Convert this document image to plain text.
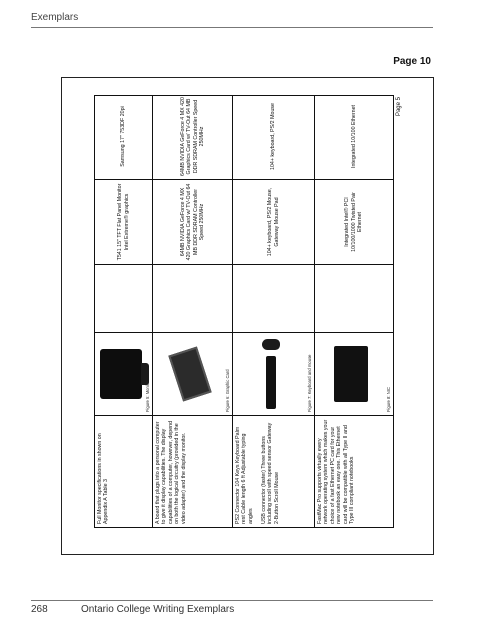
Exemplars
Page 10
Full Monitor specifications in shown on Appendix A Table 3
Figure 5: Monitor
T541 15" TFT Flat Panel Monitor Intel Extreme® graphics
Samsung 17" 753DF 20pi
A board that plugs into a personal computer to give it display capabilities. The display capabilities of a computer, however, depend on both the logical circuitry (provided in the video adapter) and the display monitor.
Figure 6: Graphic Card
64MB NVIDIA GeForce 4 MX 420 Graphics Card w/ TV-Out 64 MB DDR SDRAM Controller Speed 250MHz
64MB NVIDIA GeForce 4 MX 420 Graphics Card w/ TV-Out 64 MB DDR SDRAM Controller Speed 250MHz
PS2 Connector 104 Keys Keyboard Palm rest Cable length 6 ft Adjustable typing angles

USB connector (faster) Three buttons including scroll with speed sensor Gateway 2-Button Scroll Mouse
Figure 7: Keyboard and mouse
104+ keyboard, PS/2 Mouse, Gateway Mouse Pad
104+ keyboard, PS/2 Mouse
FastMac Pro supports virtually every network operating system which makes your choice of a fast Ethernet PC card for your new notebook an easy one. This Ethernet card will be compatible with all Type II and Type III compliant notebooks
Figure 8: NIC
Integrated Intel® PCI 10/100/1000 Twisted Pair Ethernet
Integrated 10/100 Ethernet	Page 5
268	Ontario College Writing Exemplars
